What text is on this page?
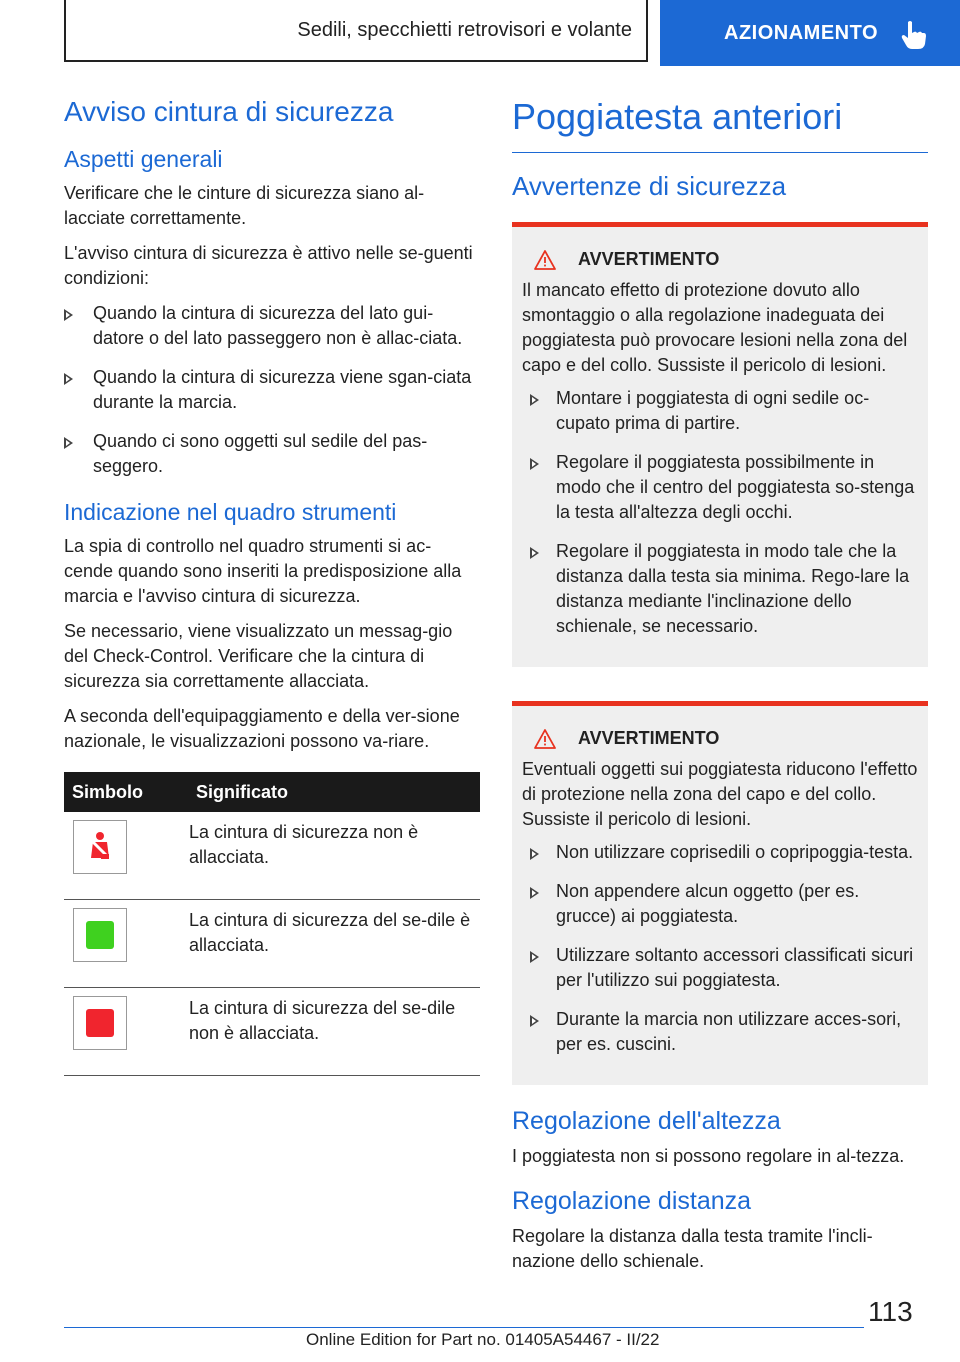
Sedili, specchietti retrovisori e volante	AZIONAMENTO
Avviso cintura di sicurezza
Aspetti generali

Verificare che le cinture di sicurezza siano al-lacciate correttamente.

L'avviso cintura di sicurezza è attivo nelle se-guenti condizioni:

Quando la cintura di sicurezza del lato gui-datore o del lato passeggero non è allac-ciata.
Quando la cintura di sicurezza viene sgan-ciata durante la marcia.
Quando ci sono oggetti sul sedile del pas-seggero.
Indicazione nel quadro strumenti

La spia di controllo nel quadro strumenti si ac-cende quando sono inseriti la predisposizione alla marcia e l'avviso cintura di sicurezza.

Se necessario, viene visualizzato un messag-gio del Check-Control. Verificare che la cintura di sicurezza sia correttamente allacciata.

A seconda dell'equipaggiamento e della ver-sione nazionale, le visualizzazioni possono va-riare.

Simbolo	Significato

	La cintura di sicurezza non è allacciata.

	La cintura di sicurezza del se-dile è allacciata.

	La cintura di sicurezza del se-dile non è allacciata.
Poggiatesta anteriori
Avvertenze di sicurezza
AVVERTIMENTO

Il mancato effetto di protezione dovuto allo smontaggio o alla regolazione inadeguata dei poggiatesta può provocare lesioni nella zona del capo e del collo. Sussiste il pericolo di lesioni.

Montare i poggiatesta di ogni sedile oc-cupato prima di partire.
Regolare il poggiatesta possibilmente in modo che il centro del poggiatesta so-stenga la testa all'altezza degli occhi.
Regolare il poggiatesta in modo tale che la distanza dalla testa sia minima. Rego-lare la distanza mediante l'inclinazione dello schienale, se necessario.
AVVERTIMENTO

Eventuali oggetti sui poggiatesta riducono l'effetto di protezione nella zona del capo e del collo. Sussiste il pericolo di lesioni.

Non utilizzare coprisedili o copripoggia-testa.
Non appendere alcun oggetto (per es. grucce) ai poggiatesta.
Utilizzare soltanto accessori classificati sicuri per l'utilizzo sui poggiatesta.
Durante la marcia non utilizzare acces-sori, per es. cuscini.
Regolazione dell'altezza

I poggiatesta non si possono regolare in al-tezza.

Regolazione distanza

Regolare la distanza dalla testa tramite l'incli-nazione dello schienale.

113
Online Edition for Part no. 01405A54467 - II/22
